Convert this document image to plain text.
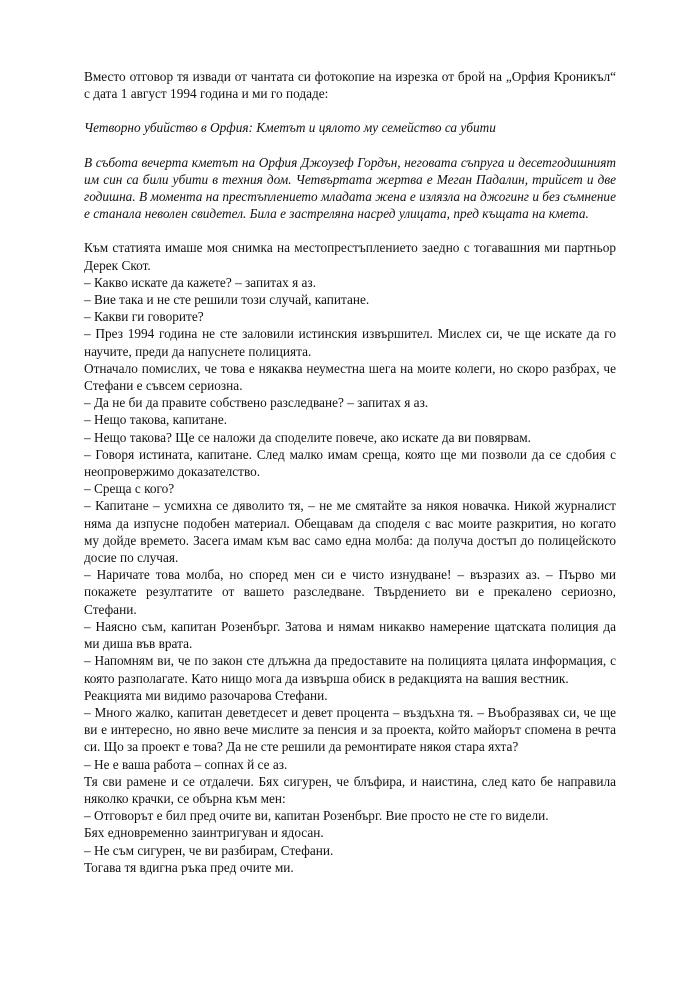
Вместо отговор тя извади от чантата си фотокопие на изрезка от брой на „Орфия Кроникъл“ с дата 1 август 1994 година и ми го подаде:

Четворно убийство в Орфия: Кметът и цялото му семейство са убити

В събота вечерта кметът на Орфия Джоузеф Гордън, неговата съпруга и десетгодишният им син са били убити в техния дом. Четвъртата жертва е Меган Падалин, трийсет и две годишна. В момента на престъплението младата жена е излязла на джогинг и без съмнение е станала неволен свидетел. Била е застреляна насред улицата, пред къщата на кмета.

Към статията имаше моя снимка на местопрестъплението заедно с тогавашния ми партньор Дерек Скот.

– Какво искате да кажете? – запитах я аз.

– Вие така и не сте решили този случай, капитане.

– Какви ги говорите?

– През 1994 година не сте заловили истинския извършител. Мислех си, че ще искате да го научите, преди да напуснете полицията.

Отначало помислих, че това е някаква неуместна шега на моите колеги, но скоро разбрах, че Стефани е съвсем сериозна.

– Да не би да правите собствено разследване? – запитах я аз.

– Нещо такова, капитане.

– Нещо такова? Ще се наложи да споделите повече, ако искате да ви повярвам.

– Говоря истината, капитане. След малко имам среща, която ще ми позволи да се сдобия с неопровержимо доказателство.

– Среща с кого?

– Капитане – усмихна се дяволито тя, – не ме смятайте за някоя новачка. Никой журналист няма да изпусне подобен материал. Обещавам да споделя с вас моите разкрития, но когато му дойде времето. Засега имам към вас само една молба: да получа достъп до полицейското досие по случая.

– Наричате това молба, но според мен си е чисто изнудване! – възразих аз. – Първо ми покажете резултатите от вашето разследване. Твърдението ви е прекалено сериозно, Стефани.

– Наясно съм, капитан Розенбърг. Затова и нямам никакво намерение щатската полиция да ми диша във врата.

– Напомням ви, че по закон сте длъжна да предоставите на полицията цялата информация, с която разполагате. Като нищо мога да извърша обиск в редакцията на вашия вестник.

Реакцията ми видимо разочарова Стефани.

– Много жалко, капитан деветдесет и девет процента – въздъхна тя. – Въобразявах си, че ще ви е интересно, но явно вече мислите за пенсия и за проекта, който майорът спомена в речта си. Що за проект е това? Да не сте решили да ремонтирате някоя стара яхта?

– Не е ваша работа – сопнах й се аз.

Тя сви рамене и се отдалечи. Бях сигурен, че блъфира, и наистина, след като бе направила няколко крачки, се обърна към мен:

– Отговорът е бил пред очите ви, капитан Розенбърг. Вие просто не сте го видели.

Бях едновременно заинтригуван и ядосан.

– Не съм сигурен, че ви разбирам, Стефани.

Тогава тя вдигна ръка пред очите ми.
